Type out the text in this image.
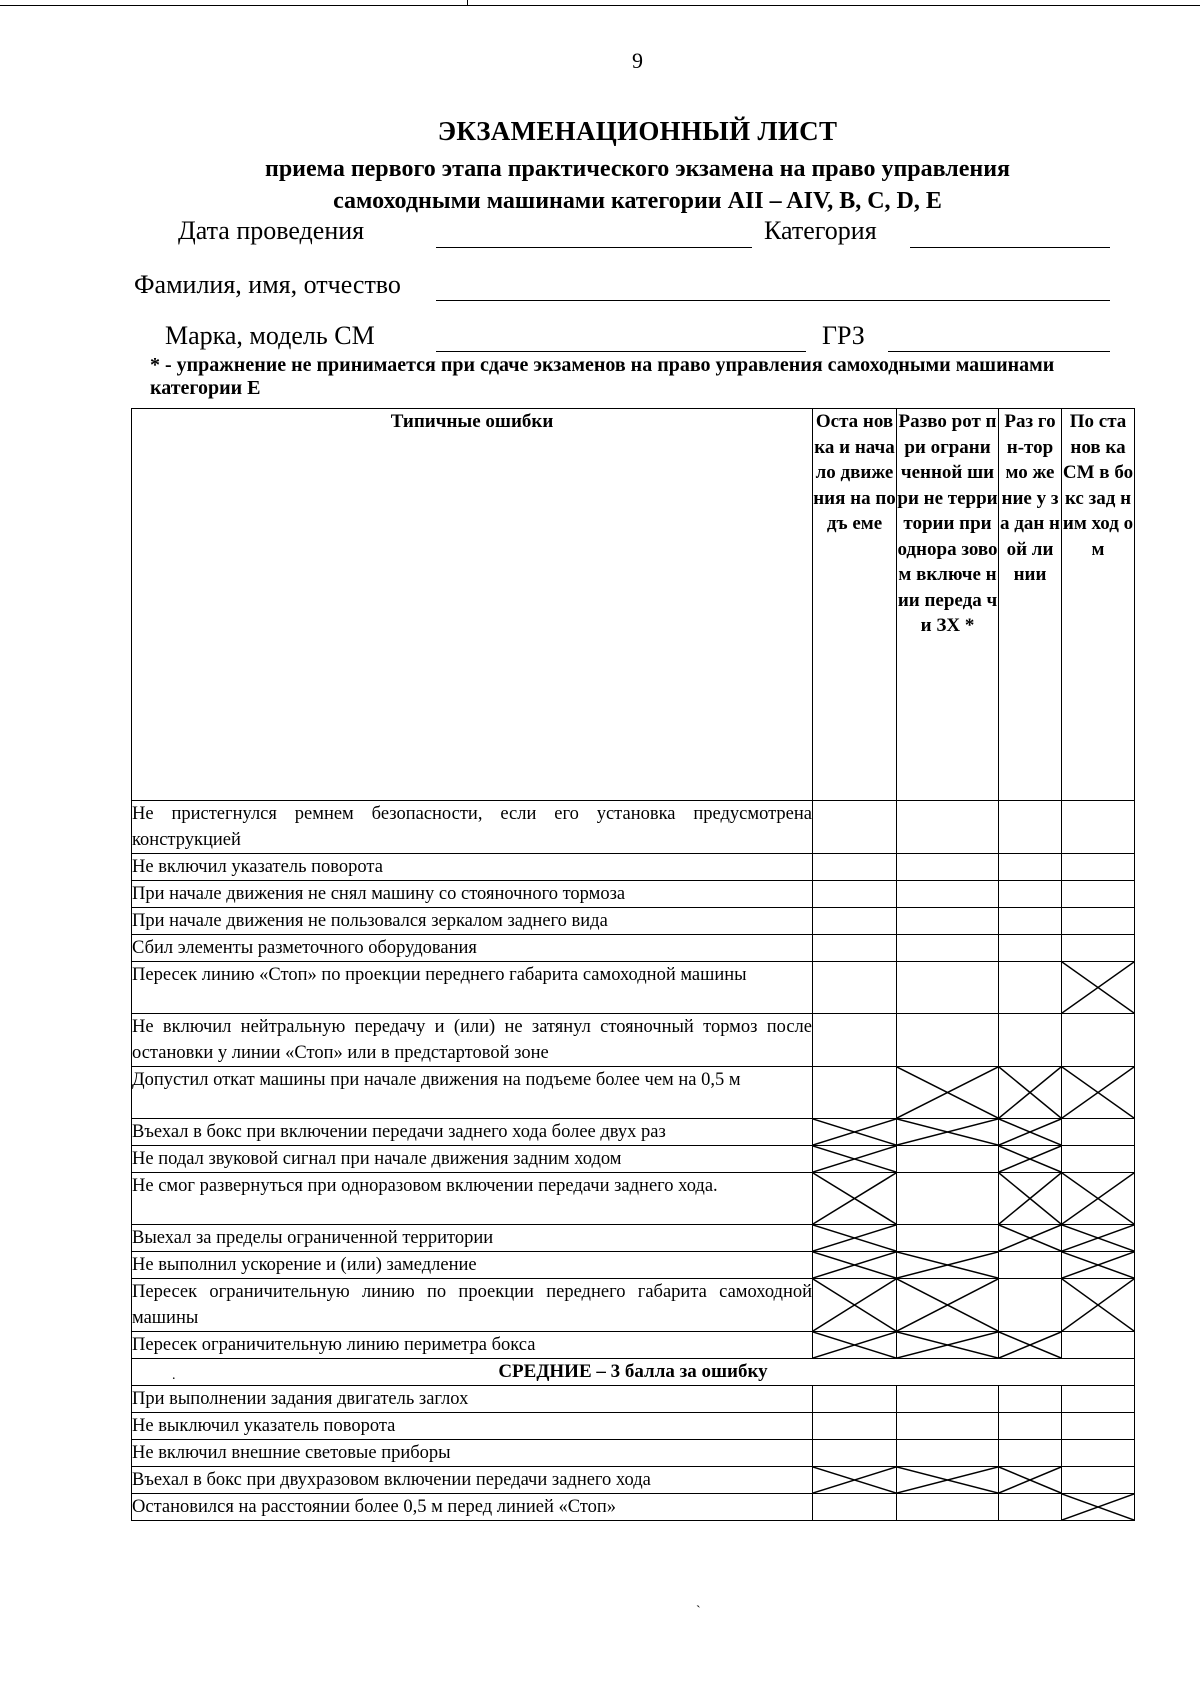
9
ЭКЗАМЕНАЦИОННЫЙ ЛИСТ
приема первого этапа практического экзамена на право управления
самоходными машинами категории AII – AIV, B, C, D, E
Дата проведения	Категория
Фамилия, имя, отчество
Марка, модель СМ	ГРЗ
* - упражнение не принимается при сдаче экзаменов на право управления самоходными машинами категории Е
Типичные ошибки	Оста новка и нача ло движе ния на подъ еме	Разво рот при ограни ченной шири не терри тории при однора зовом включе нии переда чи ЗХ *	Раз гон-тор мо же ние у за дан ной ли нии	По ста нов ка СМ в бокс зад ним ход ом
Не пристегнулся ремнем безопасности, если его установка предусмотрена конструкцией				
Не включил указатель поворота				
При начале движения не снял машину со стояночного тормоза				
При начале движения не пользовался зеркалом заднего вида				
Сбил элементы разметочного оборудования				
Пересек линию «Стоп» по проекции переднего габарита самоходной машины				

Не включил нейтральную передачу и (или) не затянул стояночный тормоз после остановки у линии «Стоп» или в предстартовой зоне				
Допустил откат машины при начале движения на подъеме более чем на 0,5 м		

Въехал в бокс при включении передачи заднего хода более двух раз	

Не подал звуковой сигнал при начале движения задним ходом	

Не смог развернуться при одноразовом включении передачи заднего хода.	

Выехал за пределы ограниченной территории	

Не выполнил ускорение и (или) замедление	

Пересек ограничительную линию по проекции переднего габарита самоходной машины	

Пересек ограничительную линию периметра бокса	

. СРЕДНИЕ – 3 балла за ошибку				
При выполнении задания двигатель заглох				
Не выключил указатель поворота				
Не включил внешние световые приборы				
Въехал в бокс при двухразовом включении передачи заднего хода	

Остановился на расстоянии более 0,5 м перед линией «Стоп»				
`
